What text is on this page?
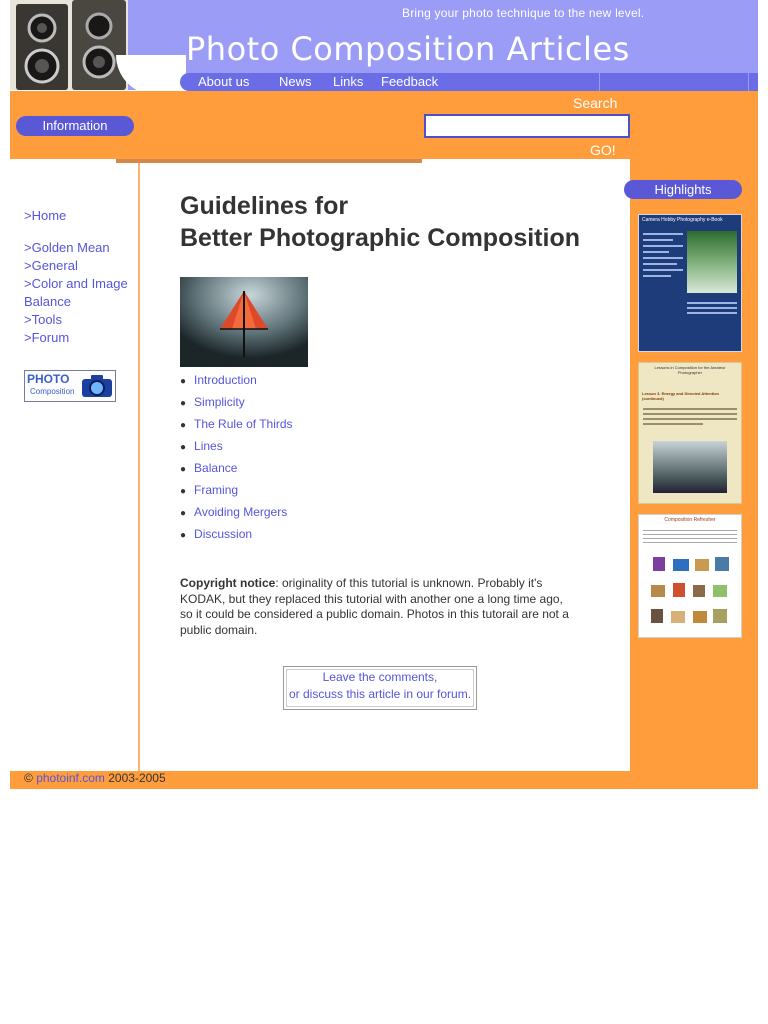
Bring your photo technique to the new level.
Photo Composition Articles
About us News Links Feedback
Information
Search
GO!
>Home
>Golden Mean
>General
>Color and Image Balance
>Tools
>Forum
PHOTO
Composition
Guidelines for
Better Photographic Composition
● Introduction
● Simplicity
● The Rule of Thirds
● Lines
● Balance
● Framing
● Avoiding Mergers
● Discussion
Copyright notice: originality of this tutorial is unknown. Probably it's KODAK, but they replaced this tutorial with another one a long time ago, so it could be considered a public domain. Photos in this tutorail are not a public domain.
Leave the comments,
or discuss this article in our forum.
Highlights
Camera Hobby Photography e-Book
Lessons in Composition for the Amateur Photographer
Lesson 3. Energy and Directed Attention (continued)
Composition Refresher
© photoinf.com 2003-2005
